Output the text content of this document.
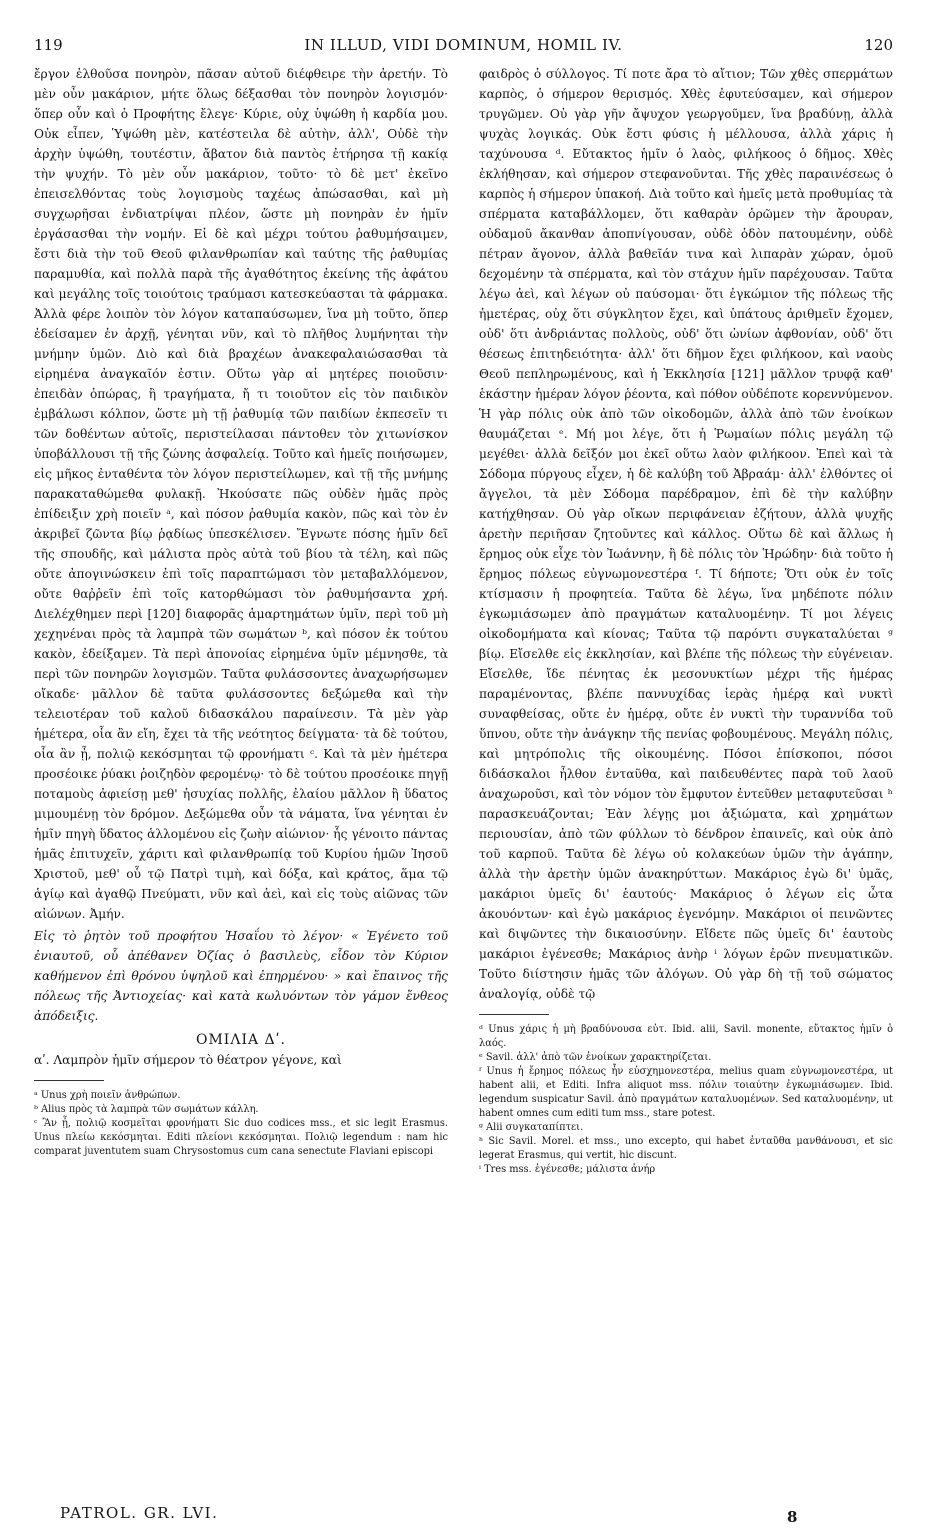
119	IN ILLUD, VIDI DOMINUM, HOMIL IV.	120

ἔργον ἐλθοῦσα πονηρὸν, πᾶσαν αὐτοῦ διέφθειρε τὴν ἀρετήν. Τὸ μὲν οὖν μακάριον, μήτε ὅλως δέξασθαι τὸν πονηρὸν λογισμόν· ὅπερ οὖν καὶ ὁ Προφήτης ἔλεγε· Κύριε, οὐχ ὑψώθη ἡ καρδία μου. Οὐκ εἶπεν, Ὑψώθη μὲν, κατέστειλα δὲ αὐτὴν, ἀλλ', Οὐδὲ τὴν ἀρχὴν ὑψώθη, τουτέστιν, ἄβατον διὰ παντὸς ἐτήρησα τῇ κακίᾳ τὴν ψυχήν. Τὸ μὲν οὖν μακάριον, τοῦτο· τὸ δὲ μετ' ἐκεῖνο ἐπεισελθόντας τοὺς λογισμοὺς ταχέως ἀπώσασθαι, καὶ μὴ συγχωρῆσαι ἐνδιατρίψαι πλέον, ὥστε μὴ πονηρὰν ἐν ἡμῖν ἐργάσασθαι τὴν νομήν. Εἰ δὲ καὶ μέχρι τούτου ῥαθυμήσαιμεν, ἔστι διὰ τὴν τοῦ Θεοῦ φιλανθρωπίαν καὶ ταύτης τῆς ῥαθυμίας παραμυθία, καὶ πολλὰ παρὰ τῆς ἀγαθότητος ἐκείνης τῆς ἀφάτου καὶ μεγάλης τοῖς τοιούτοις τραύμασι κατεσκεύασται τὰ φάρμακα. Ἀλλὰ φέρε λοιπὸν τὸν λόγον καταπαύσωμεν, ἵνα μὴ τοῦτο, ὅπερ ἐδείσαμεν ἐν ἀρχῇ, γένηται νῦν, καὶ τὸ πλῆθος λυμήνηται τὴν μνήμην ὑμῶν. Διὸ καὶ διὰ βραχέων ἀνακεφαλαιώσασθαι τὰ εἰρημένα ἀναγκαῖόν ἐστιν. Οὕτω γὰρ αἱ μητέρες ποιοῦσιν· ἐπειδὰν ὀπώρας, ἢ τραγήματα, ἤ τι τοιοῦτον εἰς τὸν παιδικὸν ἐμβάλωσι κόλπον, ὥστε μὴ τῇ ῥαθυμίᾳ τῶν παιδίων ἐκπεσεῖν τι τῶν δοθέντων αὐτοῖς, περιστείλασαι πάντοθεν τὸν χιτωνίσκον ὑποβάλλουσι τῇ τῆς ζώνης ἀσφαλείᾳ. Τοῦτο καὶ ἡμεῖς ποιήσωμεν, εἰς μῆκος ἐνταθέντα τὸν λόγον περιστείλωμεν, καὶ τῇ τῆς μνήμης παρακαταθώμεθα φυλακῇ. Ἠκούσατε πῶς οὐδὲν ἡμᾶς πρὸς ἐπίδειξιν χρὴ ποιεῖν ᵃ, καὶ πόσον ῥαθυμία κακὸν, πῶς καὶ τὸν ἐν ἀκριβεῖ ζῶντα βίῳ ῥᾳδίως ὑπεσκέλισεν. Ἔγνωτε πόσης ἡμῖν δεῖ τῆς σπουδῆς, καὶ μάλιστα πρὸς αὐτὰ τοῦ βίου τὰ τέλη, καὶ πῶς οὔτε ἀπογινώσκειν ἐπὶ τοῖς παραπτώμασι τὸν μεταβαλλόμενον, οὔτε θαῤῥεῖν ἐπὶ τοῖς κατορθώμασι τὸν ῥαθυμήσαντα χρή. Διελέχθημεν περὶ [120] διαφορᾶς ἁμαρτημάτων ὑμῖν, περὶ τοῦ μὴ χεχηνέναι πρὸς τὰ λαμπρὰ τῶν σωμάτων ᵇ, καὶ πόσον ἐκ τούτου κακὸν, ἐδείξαμεν. Τὰ περὶ ἀπονοίας εἰρημένα ὑμῖν μέμνησθε, τὰ περὶ τῶν πονηρῶν λογισμῶν. Ταῦτα φυλάσσοντες ἀναχωρήσωμεν οἴκαδε· μᾶλλον δὲ ταῦτα φυλάσσοντες δεξώμεθα καὶ τὴν τελειοτέραν τοῦ καλοῦ διδασκάλου παραίνεσιν. Τὰ μὲν γὰρ ἡμέτερα, οἷα ἂν εἴη, ἔχει τὰ τῆς νεότητος δείγματα· τὰ δὲ τούτου, οἷα ἂν ᾖ, πολιῷ κεκόσμηται τῷ φρονήματι ᶜ. Καὶ τὰ μὲν ἡμέτερα προσέοικε ῥύακι ῥοιζηδὸν φερομένῳ· τὸ δὲ τούτου προσέοικε πηγῇ ποταμοὺς ἀφιείσῃ μεθ' ἡσυχίας πολλῆς, ἐλαίου μᾶλλον ἢ ὕδατος μιμουμένῃ τὸν δρόμον. Δεξώμεθα οὖν τὰ νάματα, ἵνα γένηται ἐν ἡμῖν πηγὴ ὕδατος ἁλλομένου εἰς ζωὴν αἰώνιον· ἧς γένοιτο πάντας ἡμᾶς ἐπιτυχεῖν, χάριτι καὶ φιλανθρωπίᾳ τοῦ Κυρίου ἡμῶν Ἰησοῦ Χριστοῦ, μεθ' οὗ τῷ Πατρὶ τιμὴ, καὶ δόξα, καὶ κράτος, ἅμα τῷ ἁγίῳ καὶ ἀγαθῷ Πνεύματι, νῦν καὶ ἀεὶ, καὶ εἰς τοὺς αἰῶνας τῶν αἰώνων. Ἀμήν.

Εἰς τὸ ῥητὸν τοῦ προφήτου Ἡσαΐου τὸ λέγον· « Ἐγένετο τοῦ ἐνιαυτοῦ, οὗ ἀπέθανεν Ὀζίας ὁ βασιλεὺς, εἶδον τὸν Κύριον καθήμενον ἐπὶ θρόνου ὑψηλοῦ καὶ ἐπηρμένου· » καὶ ἔπαινος τῆς πόλεως τῆς Ἀντιοχείας· καὶ κατὰ κωλυόντων τὸν γάμον ἔνθεος ἀπόδειξις.

ΟΜΙΛΙΑ Δʹ.

αʹ. Λαμπρὸν ἡμῖν σήμερον τὸ θέατρον γέγονε, καὶ

ᵃ Unus χρὴ ποιεῖν ἀνθρώπων.

ᵇ Alius πρὸς τὰ λαμπρὰ τῶν σωμάτων κάλλη.

ᶜ Ἂν ᾖ, πολιῷ κοσμεῖται φρονήματι Sic duo codices mss., et sic legit Erasmus. Unus πλείω κεκόσμηται. Editi πλείονι κεκόσμηται. Πολιῷ legendum : nam hic comparat juventutem suam Chrysostomus cum cana senectute Flaviani episcopi

φαιδρὸς ὁ σύλλογος. Τί ποτε ἄρα τὸ αἴτιον; Τῶν χθὲς σπερμάτων καρπὸς, ὁ σήμερον θερισμός. Χθὲς ἐφυτεύσαμεν, καὶ σήμερον τρυγῶμεν. Οὐ γὰρ γῆν ἄψυχον γεωργοῦμεν, ἵνα βραδύνῃ, ἀλλὰ ψυχὰς λογικάς. Οὐκ ἔστι φύσις ἡ μέλλουσα, ἀλλὰ χάρις ἡ ταχύνουσα ᵈ. Εὔτακτος ἡμῖν ὁ λαὸς, φιλήκοος ὁ δῆμος. Χθὲς ἐκλήθησαν, καὶ σήμερον στεφανοῦνται. Τῆς χθὲς παραινέσεως ὁ καρπὸς ἡ σήμερον ὑπακοή. Διὰ τοῦτο καὶ ἡμεῖς μετὰ προθυμίας τὰ σπέρματα καταβάλλομεν, ὅτι καθαρὰν ὁρῶμεν τὴν ἄρουραν, οὐδαμοῦ ἄκανθαν ἀποπνίγουσαν, οὐδὲ ὁδὸν πατουμένην, οὐδὲ πέτραν ἄγονον, ἀλλὰ βαθεῖάν τινα καὶ λιπαρὰν χώραν, ὁμοῦ δεχομένην τὰ σπέρματα, καὶ τὸν στάχυν ἡμῖν παρέχουσαν. Ταῦτα λέγω ἀεὶ, καὶ λέγων οὐ παύσομαι· ὅτι ἐγκώμιον τῆς πόλεως τῆς ἡμετέρας, οὐχ ὅτι σύγκλητον ἔχει, καὶ ὑπάτους ἀριθμεῖν ἔχομεν, οὐδ' ὅτι ἀνδριάντας πολλοὺς, οὐδ' ὅτι ὠνίων ἀφθονίαν, οὐδ' ὅτι θέσεως ἐπιτηδειότητα· ἀλλ' ὅτι δῆμον ἔχει φιλήκοον, καὶ ναοὺς Θεοῦ πεπληρωμένους, καὶ ἡ Ἐκκλησία [121] μᾶλλον τρυφᾷ καθ' ἑκάστην ἡμέραν λόγον ῥέοντα, καὶ πόθον οὐδέποτε κορεννύμενον. Ἡ γὰρ πόλις οὐκ ἀπὸ τῶν οἰκοδομῶν, ἀλλὰ ἀπὸ τῶν ἐνοίκων θαυμάζεται ᵉ. Μή μοι λέγε, ὅτι ἡ Ῥωμαίων πόλις μεγάλη τῷ μεγέθει· ἀλλὰ δεῖξόν μοι ἐκεῖ οὕτω λαὸν φιλήκοον. Ἐπεὶ καὶ τὰ Σόδομα πύργους εἶχεν, ἡ δὲ καλύβη τοῦ Ἀβραάμ· ἀλλ' ἐλθόντες οἱ ἄγγελοι, τὰ μὲν Σόδομα παρέδραμον, ἐπὶ δὲ τὴν καλύβην κατήχθησαν. Οὐ γὰρ οἴκων περιφάνειαν ἐζήτουν, ἀλλὰ ψυχῆς ἀρετὴν περιῆσαν ζητοῦντες καὶ κάλλος. Οὕτω δὲ καὶ ἄλλως ἡ ἔρημος οὐκ εἶχε τὸν Ἰωάννην, ἢ δὲ πόλις τὸν Ἡρώδην· διὰ τοῦτο ἡ ἔρημος πόλεως εὐγνωμονεστέρα ᶠ. Τί δήποτε; Ὅτι οὐκ ἐν τοῖς κτίσμασιν ἡ προφητεία. Ταῦτα δὲ λέγω, ἵνα μηδέποτε πόλιν ἐγκωμιάσωμεν ἀπὸ πραγμάτων καταλυομένην. Τί μοι λέγεις οἰκοδομήματα καὶ κίονας; Ταῦτα τῷ παρόντι συγκαταλύεται ᵍ βίῳ. Εἴσελθε εἰς ἐκκλησίαν, καὶ βλέπε τῆς πόλεως τὴν εὐγένειαν. Εἴσελθε, ἴδε πένητας ἐκ μεσονυκτίων μέχρι τῆς ἡμέρας παραμένοντας, βλέπε παννυχίδας ἱερὰς ἡμέρᾳ καὶ νυκτὶ συναφθείσας, οὔτε ἐν ἡμέρᾳ, οὔτε ἐν νυκτὶ τὴν τυραννίδα τοῦ ὕπνου, οὔτε τὴν ἀνάγκην τῆς πενίας φοβουμένους. Μεγάλη πόλις, καὶ μητρόπολις τῆς οἰκουμένης. Πόσοι ἐπίσκοποι, πόσοι διδάσκαλοι ἦλθον ἐνταῦθα, καὶ παιδευθέντες παρὰ τοῦ λαοῦ ἀναχωροῦσι, καὶ τὸν νόμον τὸν ἔμφυτον ἐντεῦθεν μεταφυτεῦσαι ʰ παρασκευάζονται; Ἐὰν λέγῃς μοι ἀξιώματα, καὶ χρημάτων περιουσίαν, ἀπὸ τῶν φύλλων τὸ δένδρον ἐπαινεῖς, καὶ οὐκ ἀπὸ τοῦ καρποῦ. Ταῦτα δὲ λέγω οὐ κολακεύων ὑμῶν τὴν ἀγάπην, ἀλλὰ τὴν ἀρετὴν ὑμῶν ἀνακηρύττων. Μακάριος ἐγὼ δι' ὑμᾶς, μακάριοι ὑμεῖς δι' ἑαυτούς· Μακάριος ὁ λέγων εἰς ὦτα ἀκουόντων· καὶ ἐγὼ μακάριος ἐγενόμην. Μακάριοι οἱ πεινῶντες καὶ διψῶντες τὴν δικαιοσύνην. Εἴδετε πῶς ὑμεῖς δι' ἑαυτοὺς μακάριοι ἐγένεσθε; Μακάριος ἀνὴρ ⁱ λόγων ἐρῶν πνευματικῶν. Τοῦτο διίστησιν ἡμᾶς τῶν ἀλόγων. Οὐ γὰρ δὴ τῇ τοῦ σώματος ἀναλογίᾳ, οὐδὲ τῷ

ᵈ Unus χάρις ἡ μὴ βραδύνουσα εὐτ. Ibid. alii, Savil. monente, εὔτακτος ἡμῖν ὁ λαός.

ᵉ Savil. ἀλλ' ἀπὸ τῶν ἐνοίκων χαρακτηρίζεται.

ᶠ Unus ἡ ἔρημος πόλεως ἦν εὐσχημονεστέρα, melius quam εὐγνωμονεστέρα, ut habent alii, et Editi. Infra aliquot mss. πόλιν τοιαύτην ἐγκωμιάσωμεν. Ibid. legendum suspicatur Savil. ἀπὸ πραγμάτων καταλυομένων. Sed καταλυομένην, ut habent omnes cum editi tum mss., stare potest.

ᵍ Alii συγκαταπίπτει.

ʰ Sic Savil. Morel. et mss., uno excepto, qui habet ἐνταῦθα μανθάνουσι, et sic legerat Erasmus, qui vertit, hic discunt.

ⁱ Tres mss. ἐγένεσθε; μάλιστα ἀνήρ

PATROL. GR. LVI.	8
